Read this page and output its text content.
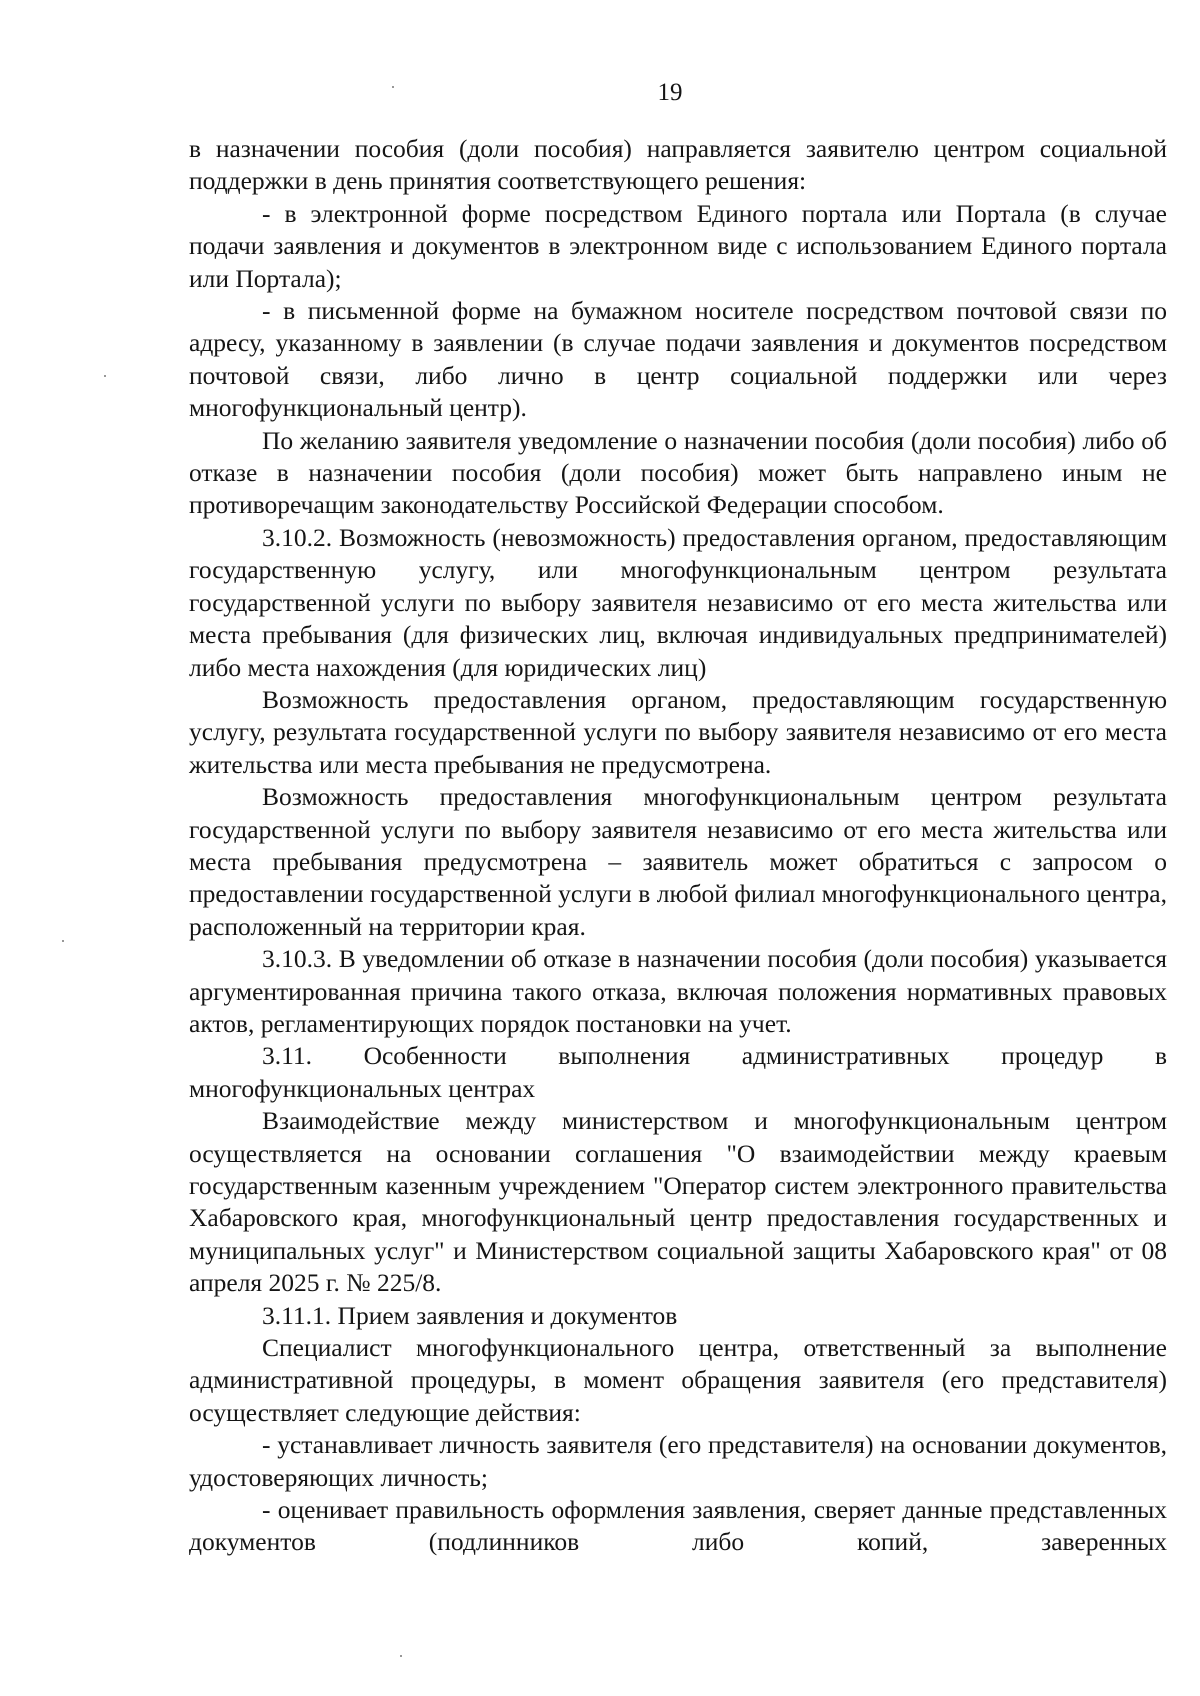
19

в назначении пособия (доли пособия) направляется заявителю центром социальной поддержки в день принятия соответствующего решения:

- в электронной форме посредством Единого портала или Портала (в случае подачи заявления и документов в электронном виде с использованием Единого портала или Портала);

- в письменной форме на бумажном носителе посредством почтовой связи по адресу, указанному в заявлении (в случае подачи заявления и документов посредством почтовой связи, либо лично в центр социальной поддержки или через многофункциональный центр).

По желанию заявителя уведомление о назначении пособия (доли пособия) либо об отказе в назначении пособия (доли пособия) может быть направлено иным не противоречащим законодательству Российской Федерации способом.

3.10.2. Возможность (невозможность) предоставления органом, предоставляющим государственную услугу, или многофункциональным центром результата государственной услуги по выбору заявителя независимо от его места жительства или места пребывания (для физических лиц, включая индивидуальных предпринимателей) либо места нахождения (для юридических лиц)

Возможность предоставления органом, предоставляющим государственную услугу, результата государственной услуги по выбору заявителя независимо от его места жительства или места пребывания не предусмотрена.

Возможность предоставления многофункциональным центром результата государственной услуги по выбору заявителя независимо от его места жительства или места пребывания предусмотрена – заявитель может обратиться с запросом о предоставлении государственной услуги в любой филиал многофункционального центра, расположенный на территории края.

3.10.3. В уведомлении об отказе в назначении пособия (доли пособия) указывается аргументированная причина такого отказа, включая положения нормативных правовых актов, регламентирующих порядок постановки на учет.

3.11. Особенности выполнения административных процедур в многофункциональных центрах

Взаимодействие между министерством и многофункциональным центром осуществляется на основании соглашения "О взаимодействии между краевым государственным казенным учреждением "Оператор систем электронного правительства Хабаровского края, многофункциональный центр предоставления государственных и муниципальных услуг" и Министерством социальной защиты Хабаровского края" от 08 апреля 2025 г. № 225/8.

3.11.1. Прием заявления и документов

Специалист многофункционального центра, ответственный за выполнение административной процедуры, в момент обращения заявителя (его представителя) осуществляет следующие действия:

- устанавливает личность заявителя (его представителя) на основании документов, удостоверяющих личность;

- оценивает правильность оформления заявления, сверяет данные представленных документов (подлинников либо копий, заверенных
